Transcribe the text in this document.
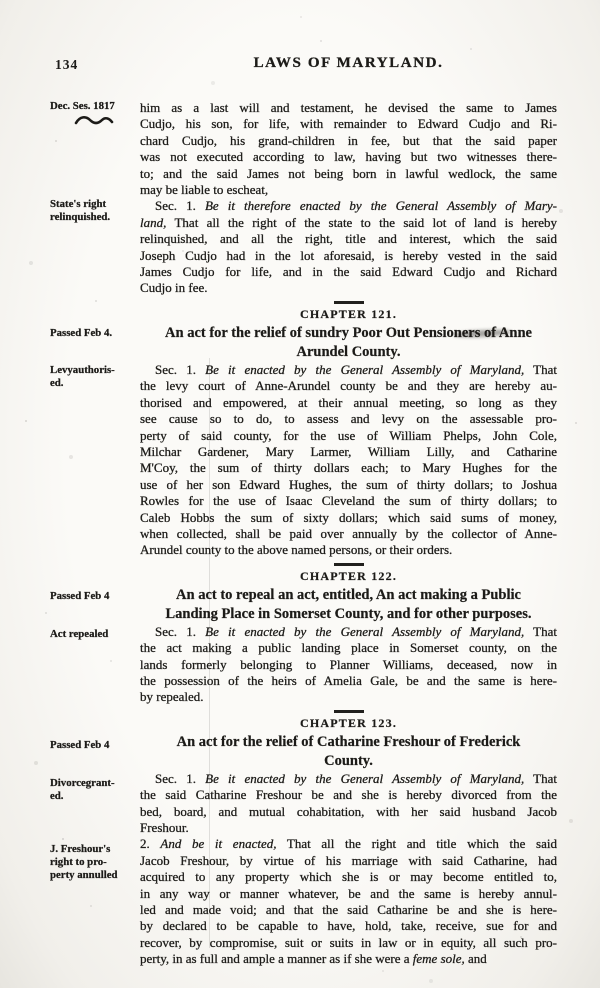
134	LAWS OF MARYLAND.
Dec. Ses. 1817
State's right
relinquished.
Passed Feb 4.
Levyauthoris-
ed.
Passed Feb 4
Act repealed
Passed Feb 4
Divorcegrant-
ed.
J. Freshour's
right to pro-
perty annulled
him as a last will and testament, he devised the same to James
Cudjo, his son, for life, with remainder to Edward Cudjo and Ri-
chard Cudjo, his grand-children in fee, but that the said paper
was not executed according to law, having but two witnesses there-
to; and the said James not being born in lawful wedlock, the same
may be liable to escheat,
Sec. 1. Be it therefore enacted by the General Assembly of Mary-
land, That all the right of the state to the said lot of land is hereby
relinquished, and all the right, title and interest, which the said
Joseph Cudjo had in the lot aforesaid, is hereby vested in the said
James Cudjo for life, and in the said Edward Cudjo and Richard
Cudjo in fee.
CHAPTER 121.
An act for the relief of sundry Poor Out Pensioners of Anne
Arundel County.
Sec. 1. Be it enacted by the General Assembly of Maryland, That
the levy court of Anne-Arundel county be and they are hereby au-
thorised and empowered, at their annual meeting, so long as they
see cause so to do, to assess and levy on the assessable pro-
perty of said county, for the use of William Phelps, John Cole,
Milchar Gardener, Mary Larmer, William Lilly, and Catharine
M'Coy, the sum of thirty dollars each; to Mary Hughes for the
use of her son Edward Hughes, the sum of thirty dollars; to Joshua
Rowles for the use of Isaac Cleveland the sum of thirty dollars; to
Caleb Hobbs the sum of sixty dollars; which said sums of money,
when collected, shall be paid over annually by the collector of Anne-
Arundel county to the above named persons, or their orders.
CHAPTER 122.
An act to repeal an act, entitled, An act making a Public
Landing Place in Somerset County, and for other purposes.
Sec. 1. Be it enacted by the General Assembly of Maryland, That
the act making a public landing place in Somerset county, on the
lands formerly belonging to Planner Williams, deceased, now in
the possession of the heirs of Amelia Gale, be and the same is here-
by repealed.
CHAPTER 123.
An act for the relief of Catharine Freshour of Frederick
County.
Sec. 1. Be it enacted by the General Assembly of Maryland, That
the said Catharine Freshour be and she is hereby divorced from the
bed, board, and mutual cohabitation, with her said husband Jacob
Freshour.
2. And be it enacted, That all the right and title which the said
Jacob Freshour, by virtue of his marriage with said Catharine, had
acquired to any property which she is or may become entitled to,
in any way or manner whatever, be and the same is hereby annul-
led and made void; and that the said Catharine be and she is here-
by declared to be capable to have, hold, take, receive, sue for and
recover, by compromise, suit or suits in law or in equity, all such pro-
perty, in as full and ample a manner as if she were a feme sole, and
